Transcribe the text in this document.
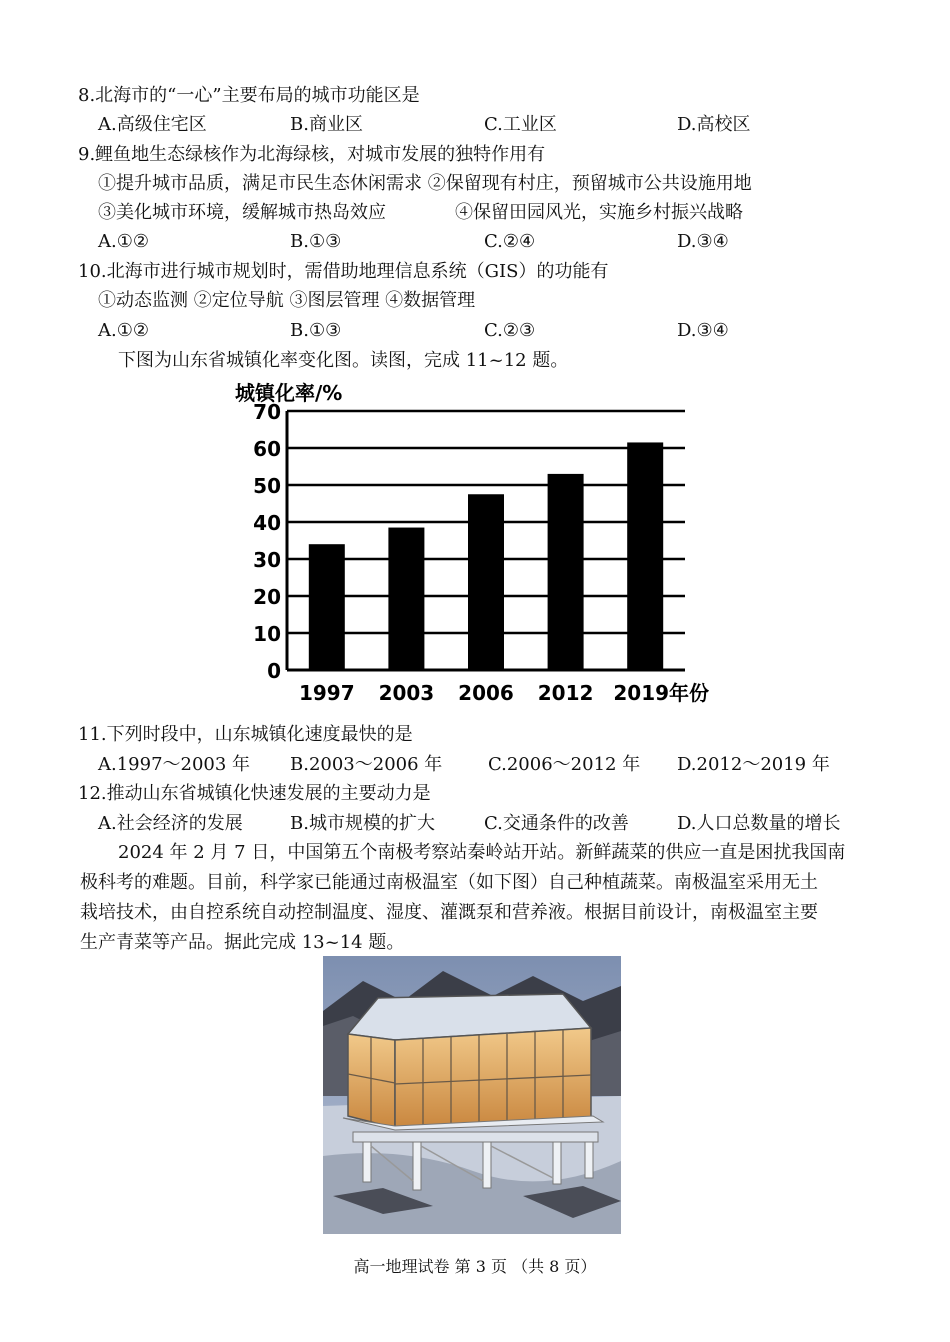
8.北海市的“一心”主要布局的城市功能区是
A.高级住宅区	B.商业区	C.工业区	D.高校区
9.鲤鱼地生态绿核作为北海绿核，对城市发展的独特作用有
①提升城市品质，满足市民生态休闲需求 ②保留现有村庄，预留城市公共设施用地
③美化城市环境，缓解城市热岛效应	④保留田园风光，实施乡村振兴战略
A.①②	B.①③	C.②④	D.③④
10.北海市进行城市规划时，需借助地理信息系统（GIS）的功能有
①动态监测 ②定位导航 ③图层管理 ④数据管理
A.①②	B.①③	C.②③	D.③④
下图为山东省城镇化率变化图。读图，完成 11~12 题。
城镇化率/%
0
10
20
30
40
50
60
70
1997 2003 2006 2012 2019年份
11.下列时段中，山东城镇化速度最快的是
A.1997～2003 年 B.2003～2006 年	C.2006～2012 年 D.2012～2019 年
12.推动山东省城镇化快速发展的主要动力是
A.社会经济的发展	B.城市规模的扩大	C.交通条件的改善	D.人口总数量的增长
2024 年 2 月 7 日，中国第五个南极考察站秦岭站开站。新鲜蔬菜的供应一直是困扰我国南
极科考的难题。目前，科学家已能通过南极温室（如下图）自己种植蔬菜。南极温室采用无土
栽培技术，由自控系统自动控制温度、湿度、灌溉泵和营养液。根据目前设计，南极温室主要
生产青菜等产品。据此完成 13~14 题。
高一地理试卷 第 3 页 （共 8 页）
